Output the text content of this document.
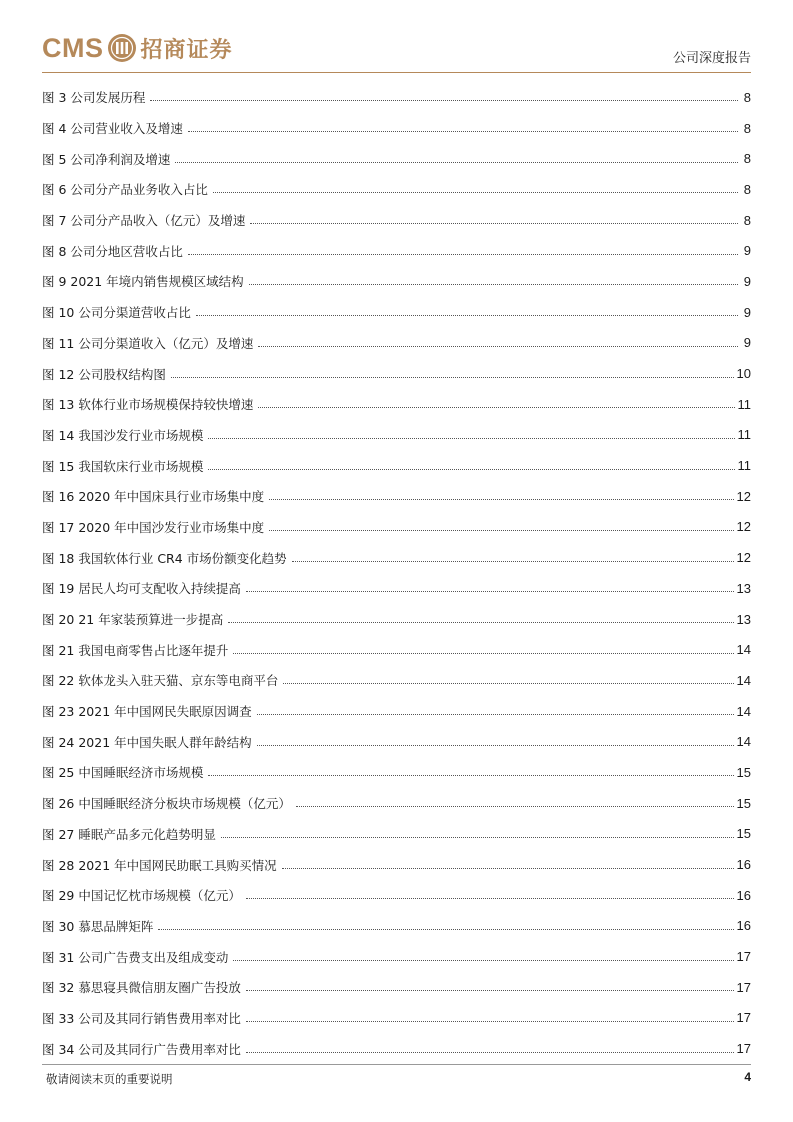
CMS 招商证券	公司深度报告
图 3 公司发展历程	8
图 4 公司营业收入及增速	8
图 5 公司净利润及增速	8
图 6 公司分产品业务收入占比	8
图 7 公司分产品收入（亿元）及增速	8
图 8 公司分地区营收占比	9
图 9 2021 年境内销售规模区域结构	9
图 10 公司分渠道营收占比	9
图 11 公司分渠道收入（亿元）及增速	9
图 12 公司股权结构图	10
图 13 软体行业市场规模保持较快增速	11
图 14 我国沙发行业市场规模	11
图 15 我国软床行业市场规模	11
图 16 2020 年中国床具行业市场集中度	12
图 17 2020 年中国沙发行业市场集中度	12
图 18 我国软体行业 CR4 市场份额变化趋势	12
图 19 居民人均可支配收入持续提高	13
图 20 21 年家装预算进一步提高	13
图 21 我国电商零售占比逐年提升	14
图 22 软体龙头入驻天猫、京东等电商平台	14
图 23 2021 年中国网民失眠原因调查	14
图 24 2021 年中国失眠人群年龄结构	14
图 25 中国睡眠经济市场规模	15
图 26 中国睡眠经济分板块市场规模（亿元）	15
图 27 睡眠产品多元化趋势明显	15
图 28 2021 年中国网民助眠工具购买情况	16
图 29 中国记忆枕市场规模（亿元）	16
图 30 慕思品牌矩阵	16
图 31 公司广告费支出及组成变动	17
图 32 慕思寝具微信朋友圈广告投放	17
图 33 公司及其同行销售费用率对比	17
图 34 公司及其同行广告费用率对比	17
敬请阅读末页的重要说明	4
